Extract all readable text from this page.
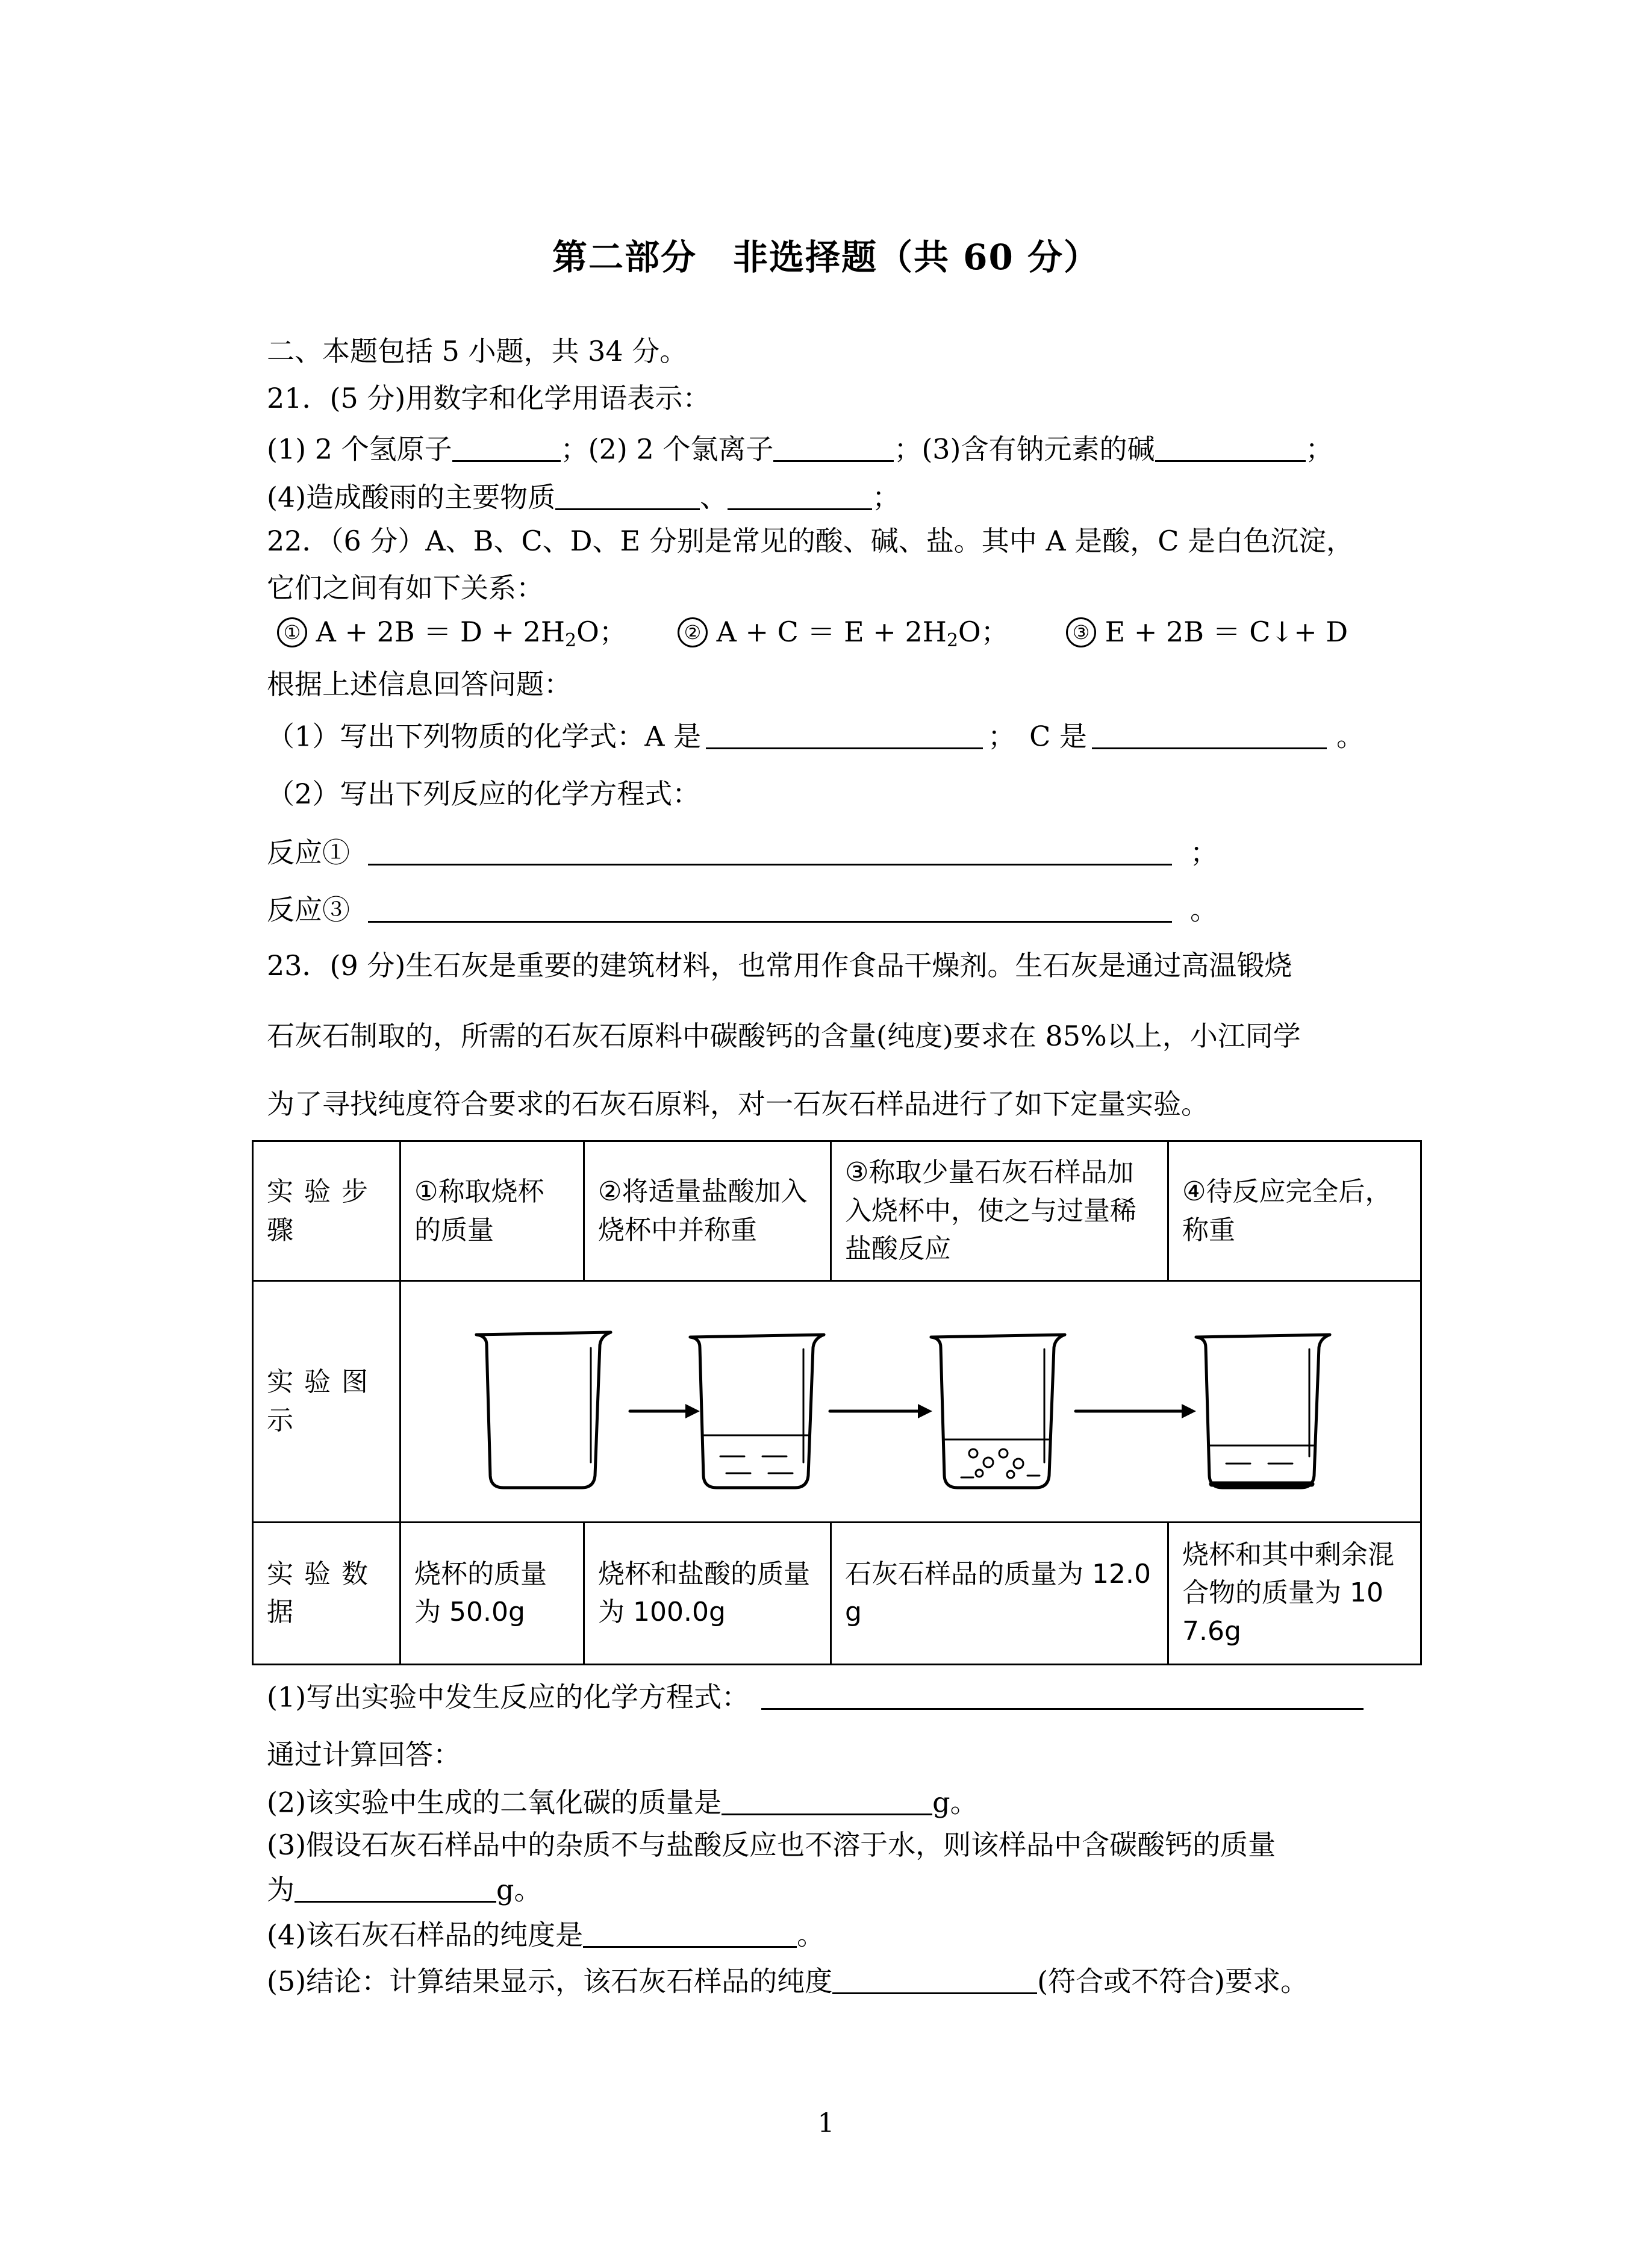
第二部分　非选择题（共 60 分）
二、本题包括 5 小题，共 34 分。
21．(5 分)用数字和化学用语表示：
(1) 2 个氢原子	；(2) 2 个氯离子	；(3)含有钠元素的碱	；
(4)造成酸雨的主要物质	、	；
22．（6 分）A、B、C、D、E 分别是常见的酸、碱、盐。其中 A 是酸，C 是白色沉淀，
它们之间有如下关系：
① $A + 2B = D + 2H_2O$；	② $A + C = E + 2H_2O$；	③ E + 2B ＝ C↓+ D
根据上述信息回答问题：
（1）写出下列物质的化学式：A 是	；　C 是	。
（2）写出下列反应的化学方程式：
反应①	；
反应③	。
23．(9 分)生石灰是重要的建筑材料，也常用作食品干燥剂。生石灰是通过高温锻烧
石灰石制取的，所需的石灰石原料中碳酸钙的含量(纯度)要求在 85%以上，小江同学
为了寻找纯度符合要求的石灰石原料，对一石灰石样品进行了如下定量实验。
实验步骤	①称取烧杯的质量	②将适量盐酸加入烧杯中并称重	③称取少量石灰石样品加入烧杯中，使之与过量稀盐酸反应	④待反应完全后，称重
实验图示	
实验数据	烧杯的质量为 50.0g	烧杯和盐酸的质量为 100.0g	石灰石样品的质量为 12.0g	烧杯和其中剩余混合物的质量为 107.6g
(1)写出实验中发生反应的化学方程式：
通过计算回答：
(2)该实验中生成的二氧化碳的质量是	g。
(3)假设石灰石样品中的杂质不与盐酸反应也不溶于水，则该样品中含碳酸钙的质量
为	g。
(4)该石灰石样品的纯度是	。
(5)结论：计算结果显示，该石灰石样品的纯度	(符合或不符合)要求。
1
